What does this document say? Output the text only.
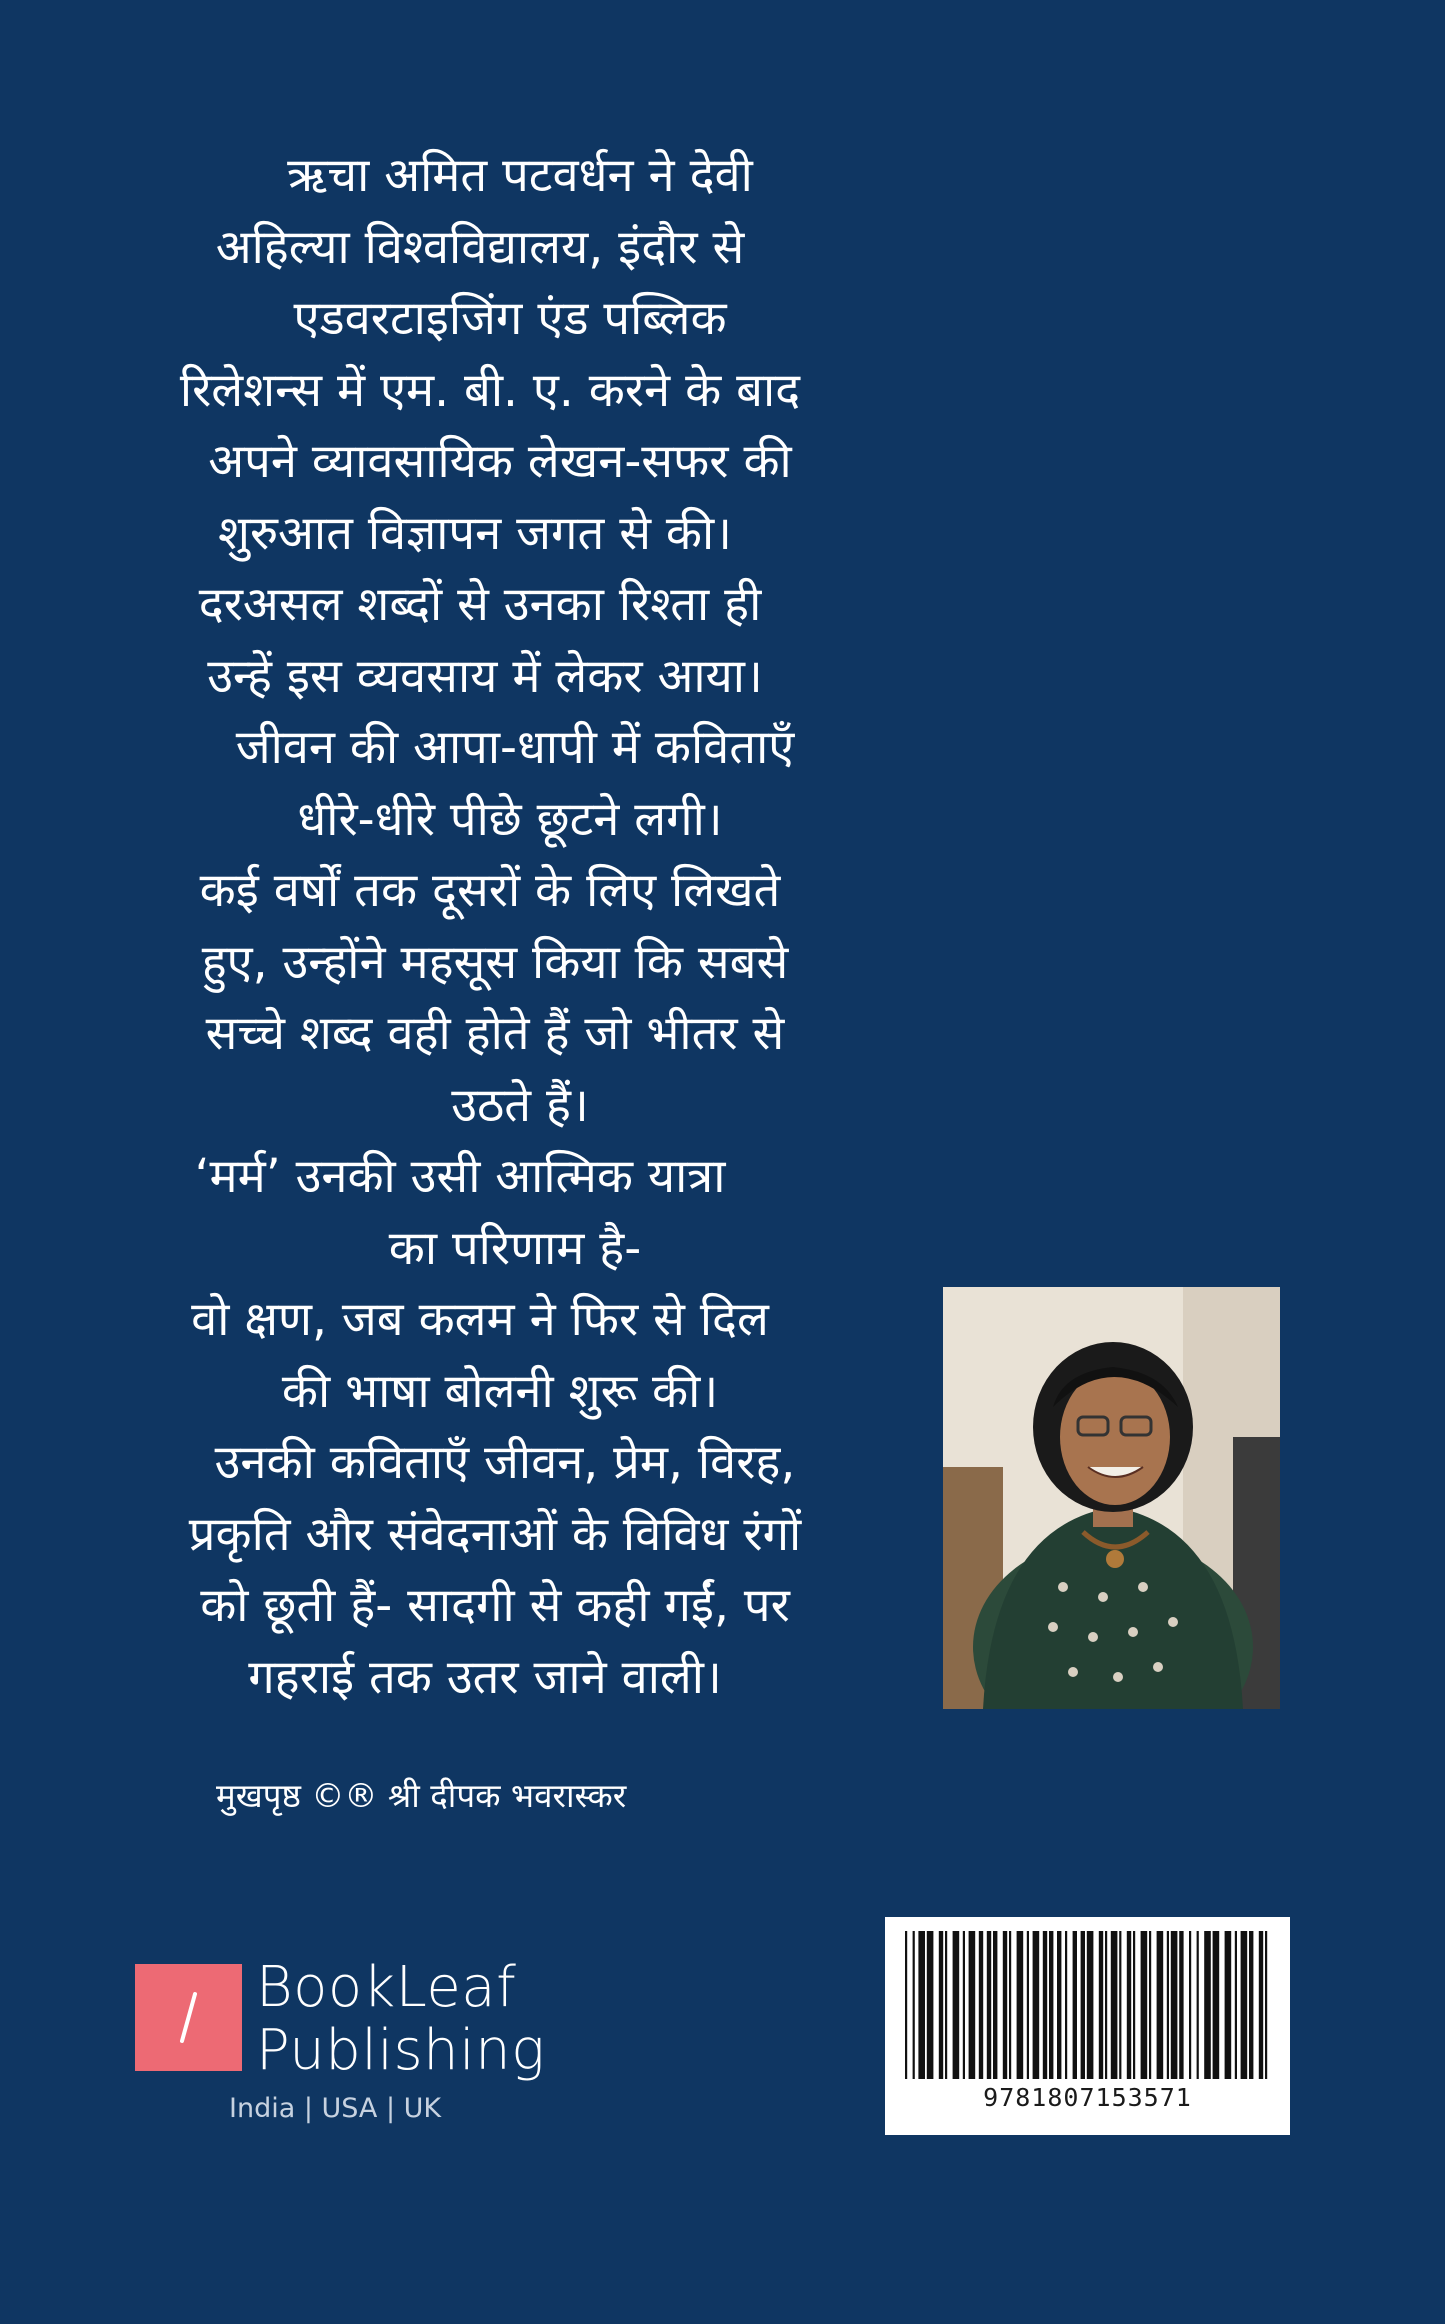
ऋचा अमित पटवर्धन ने देवी
अहिल्या विश्वविद्यालय, इंदौर से
एडवरटाइजिंग एंड पब्लिक
रिलेशन्स में एम. बी. ए. करने के बाद
अपने व्यावसायिक लेखन-सफर की
शुरुआत विज्ञापन जगत से की।
दरअसल शब्दों से उनका रिश्ता ही
उन्हें इस व्यवसाय में लेकर आया।
जीवन की आपा-धापी में कविताएँ
धीरे-धीरे पीछे छूटने लगी।
कई वर्षों तक दूसरों के लिए लिखते
हुए, उन्होंने महसूस किया कि सबसे
सच्चे शब्द वही होते हैं जो भीतर से
उठते हैं।
‘मर्म’ उनकी उसी आत्मिक यात्रा
का परिणाम है-
वो क्षण, जब कलम ने फिर से दिल
की भाषा बोलनी शुरू की।
उनकी कविताएँ जीवन, प्रेम, विरह,
प्रकृति और संवेदनाओं के विविध रंगों
को छूती हैं- सादगी से कही गईं, पर
गहराई तक उतर जाने वाली।
मुखपृष्ठ ©® श्री दीपक भवरास्कर
BookLeaf
Publishing
India | USA | UK	9781807153571
